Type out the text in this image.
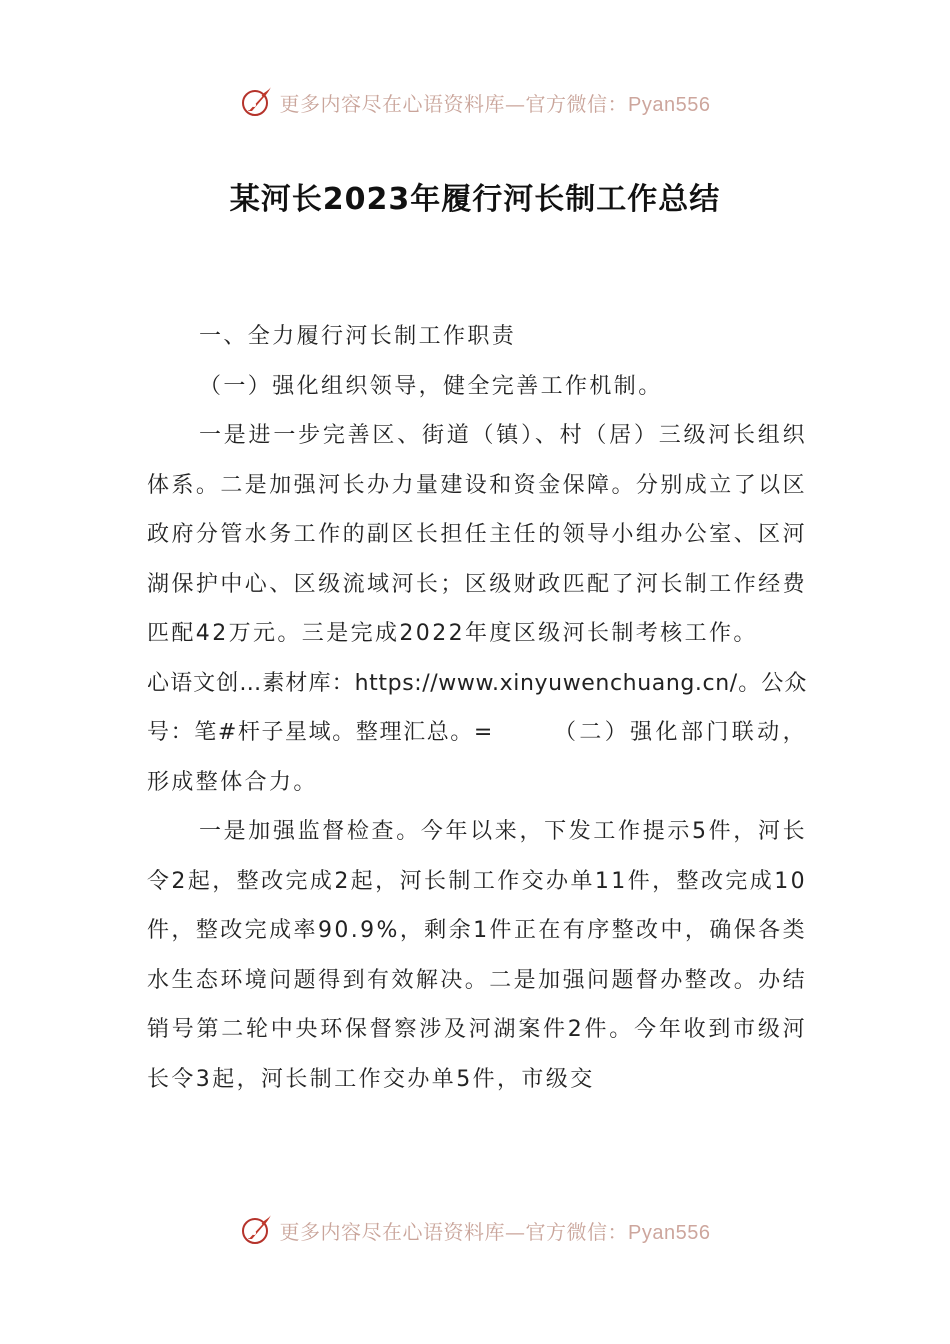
更多内容尽在心语资料库—官方微信：Pyan556
某河长2023年履行河长制工作总结

一、全力履行河长制工作职责

（一）强化组织领导，健全完善工作机制。

一是进一步完善区、街道（镇）、村（居）三级河长组织体系。二是加强河长办力量建设和资金保障。分别成立了以区政府分管水务工作的副区长担任主任的领导小组办公室、区河湖保护中心、区级流域河长；区级财政匹配了河长制工作经费匹配42万元。三是完成2022年度区级河长制考核工作。

心语文创…素材库：https://www.xinyuwenchuang.cn/。公众号：笔#杆子星域。整理汇总。=	（二）强化部门联动，形成整体合力。

一是加强监督检查。今年以来，下发工作提示5件，河长令2起，整改完成2起，河长制工作交办单11件，整改完成10件，整改完成率90.9%，剩余1件正在有序整改中，确保各类水生态环境问题得到有效解决。二是加强问题督办整改。办结销号第二轮中央环保督察涉及河湖案件2件。今年收到市级河长令3起，河长制工作交办单5件，市级交

更多内容尽在心语资料库—官方微信：Pyan556
